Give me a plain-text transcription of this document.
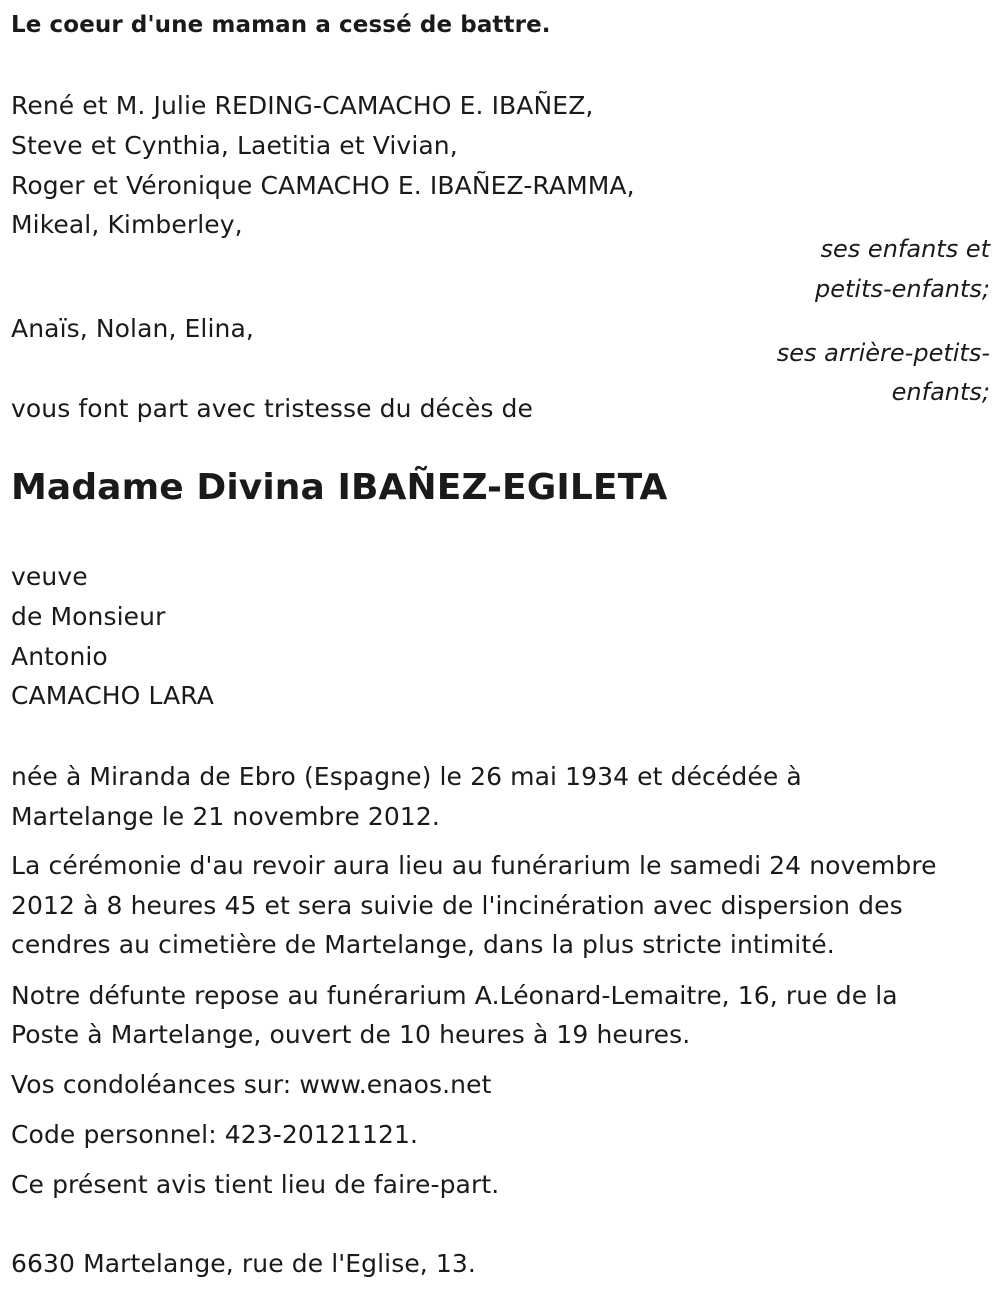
Le coeur d'une maman a cessé de battre.
René et M. Julie REDING-CAMACHO E. IBAÑEZ,
Steve et Cynthia, Laetitia et Vivian,
Roger et Véronique CAMACHO E. IBAÑEZ-RAMMA,
Mikeal, Kimberley,
ses enfants et
petits-enfants;
Anaïs, Nolan, Elina,
ses arrière-petits-
enfants;
vous font part avec tristesse du décès de
Madame Divina IBAÑEZ-EGILETA
veuve
de Monsieur
Antonio
CAMACHO LARA
née à Miranda de Ebro (Espagne) le 26 mai 1934 et décédée à
Martelange le 21 novembre 2012.
La cérémonie d'au revoir aura lieu au funérarium le samedi 24 novembre
2012 à 8 heures 45 et sera suivie de l'incinération avec dispersion des
cendres au cimetière de Martelange, dans la plus stricte intimité.
Notre défunte repose au funérarium A.Léonard-Lemaitre, 16, rue de la
Poste à Martelange, ouvert de 10 heures à 19 heures.
Vos condoléances sur: www.enaos.net
Code personnel: 423-20121121.
Ce présent avis tient lieu de faire-part.
6630 Martelange, rue de l'Eglise, 13.
